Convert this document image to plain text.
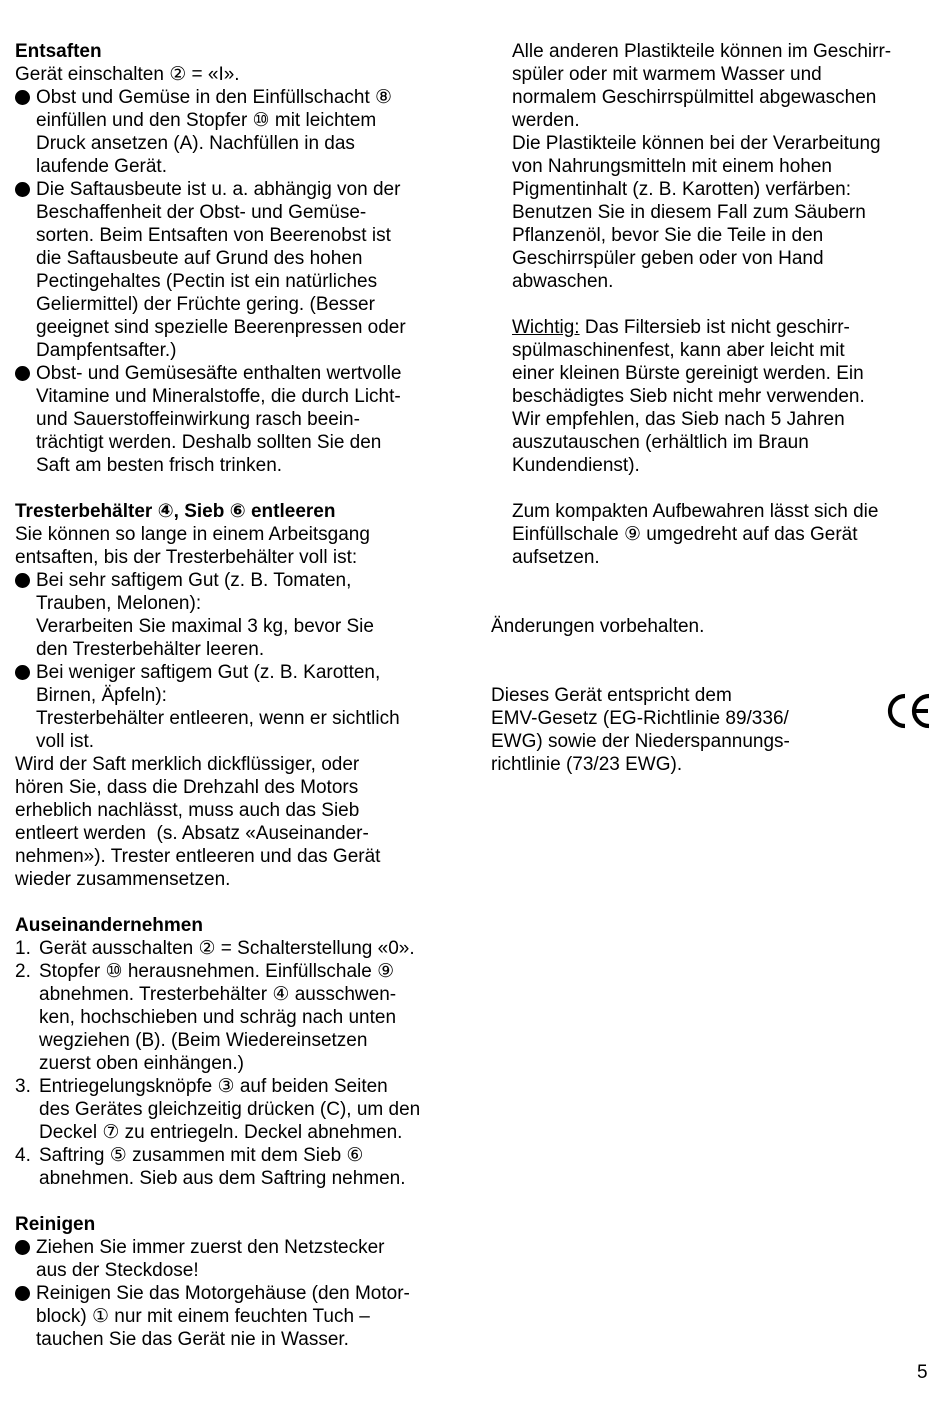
Entsaften
Gerät einschalten ② = «I».
Obst und Gemüse in den Einfüllschacht ⑧
einfüllen und den Stopfer ⑩ mit leichtem
Druck ansetzen (A). Nachfüllen in das
laufende Gerät.
Die Saftausbeute ist u. a. abhängig von der
Beschaffenheit der Obst- und Gemüse-
sorten. Beim Entsaften von Beerenobst ist
die Saftausbeute auf Grund des hohen
Pectingehaltes (Pectin ist ein natürliches
Geliermittel) der Früchte gering. (Besser
geeignet sind spezielle Beerenpressen oder
Dampfentsafter.)
Obst- und Gemüsesäfte enthalten wertvolle
Vitamine und Mineralstoffe, die durch Licht-
und Sauerstoffeinwirkung rasch beein-
trächtigt werden. Deshalb sollten Sie den
Saft am besten frisch trinken.
Tresterbehälter ④, Sieb ⑥ entleeren
Sie können so lange in einem Arbeitsgang
entsaften, bis der Tresterbehälter voll ist:
Bei sehr saftigem Gut (z. B. Tomaten,
Trauben, Melonen):
Verarbeiten Sie maximal 3 kg, bevor Sie
den Tresterbehälter leeren.
Bei weniger saftigem Gut (z. B. Karotten,
Birnen, Äpfeln):
Tresterbehälter entleeren, wenn er sichtlich
voll ist.
Wird der Saft merklich dickflüssiger, oder
hören Sie, dass die Drehzahl des Motors
erheblich nachlässt, muss auch das Sieb
entleert werden  (s. Absatz «Auseinander-
nehmen»). Trester entleeren und das Gerät
wieder zusammensetzen.
Auseinandernehmen
1. Gerät ausschalten ② = Schalterstellung «0».
2. Stopfer ⑩ herausnehmen. Einfüllschale ⑨
abnehmen. Tresterbehälter ④ ausschwen-
ken, hochschieben und schräg nach unten
wegziehen (B). (Beim Wiedereinsetzen
zuerst oben einhängen.)
3. Entriegelungsknöpfe ③ auf beiden Seiten
des Gerätes gleichzeitig drücken (C), um den
Deckel ⑦ zu entriegeln. Deckel abnehmen.
4. Saftring ⑤ zusammen mit dem Sieb ⑥
abnehmen. Sieb aus dem Saftring nehmen.
Reinigen
Ziehen Sie immer zuerst den Netzstecker
aus der Steckdose!
Reinigen Sie das Motorgehäuse (den Motor-
block) ① nur mit einem feuchten Tuch –
tauchen Sie das Gerät nie in Wasser.
Alle anderen Plastikteile können im Geschirr-
spüler oder mit warmem Wasser und
normalem Geschirrspülmittel abgewaschen
werden.
Die Plastikteile können bei der Verarbeitung
von Nahrungsmitteln mit einem hohen
Pigmentinhalt (z. B. Karotten) verfärben:
Benutzen Sie in diesem Fall zum Säubern
Pflanzenöl, bevor Sie die Teile in den
Geschirrspüler geben oder von Hand
abwaschen.
Wichtig: Das Filtersieb ist nicht geschirr-
spülmaschinenfest, kann aber leicht mit
einer kleinen Bürste gereinigt werden. Ein
beschädigtes Sieb nicht mehr verwenden.
Wir empfehlen, das Sieb nach 5 Jahren
auszutauschen (erhältlich im Braun
Kundendienst).
Zum kompakten Aufbewahren lässt sich die
Einfüllschale ⑨ umgedreht auf das Gerät
aufsetzen.
Änderungen vorbehalten.
Dieses Gerät entspricht dem
EMV-Gesetz (EG-Richtlinie 89/336/
EWG) sowie der Niederspannungs-
richtlinie (73/23 EWG).
5
